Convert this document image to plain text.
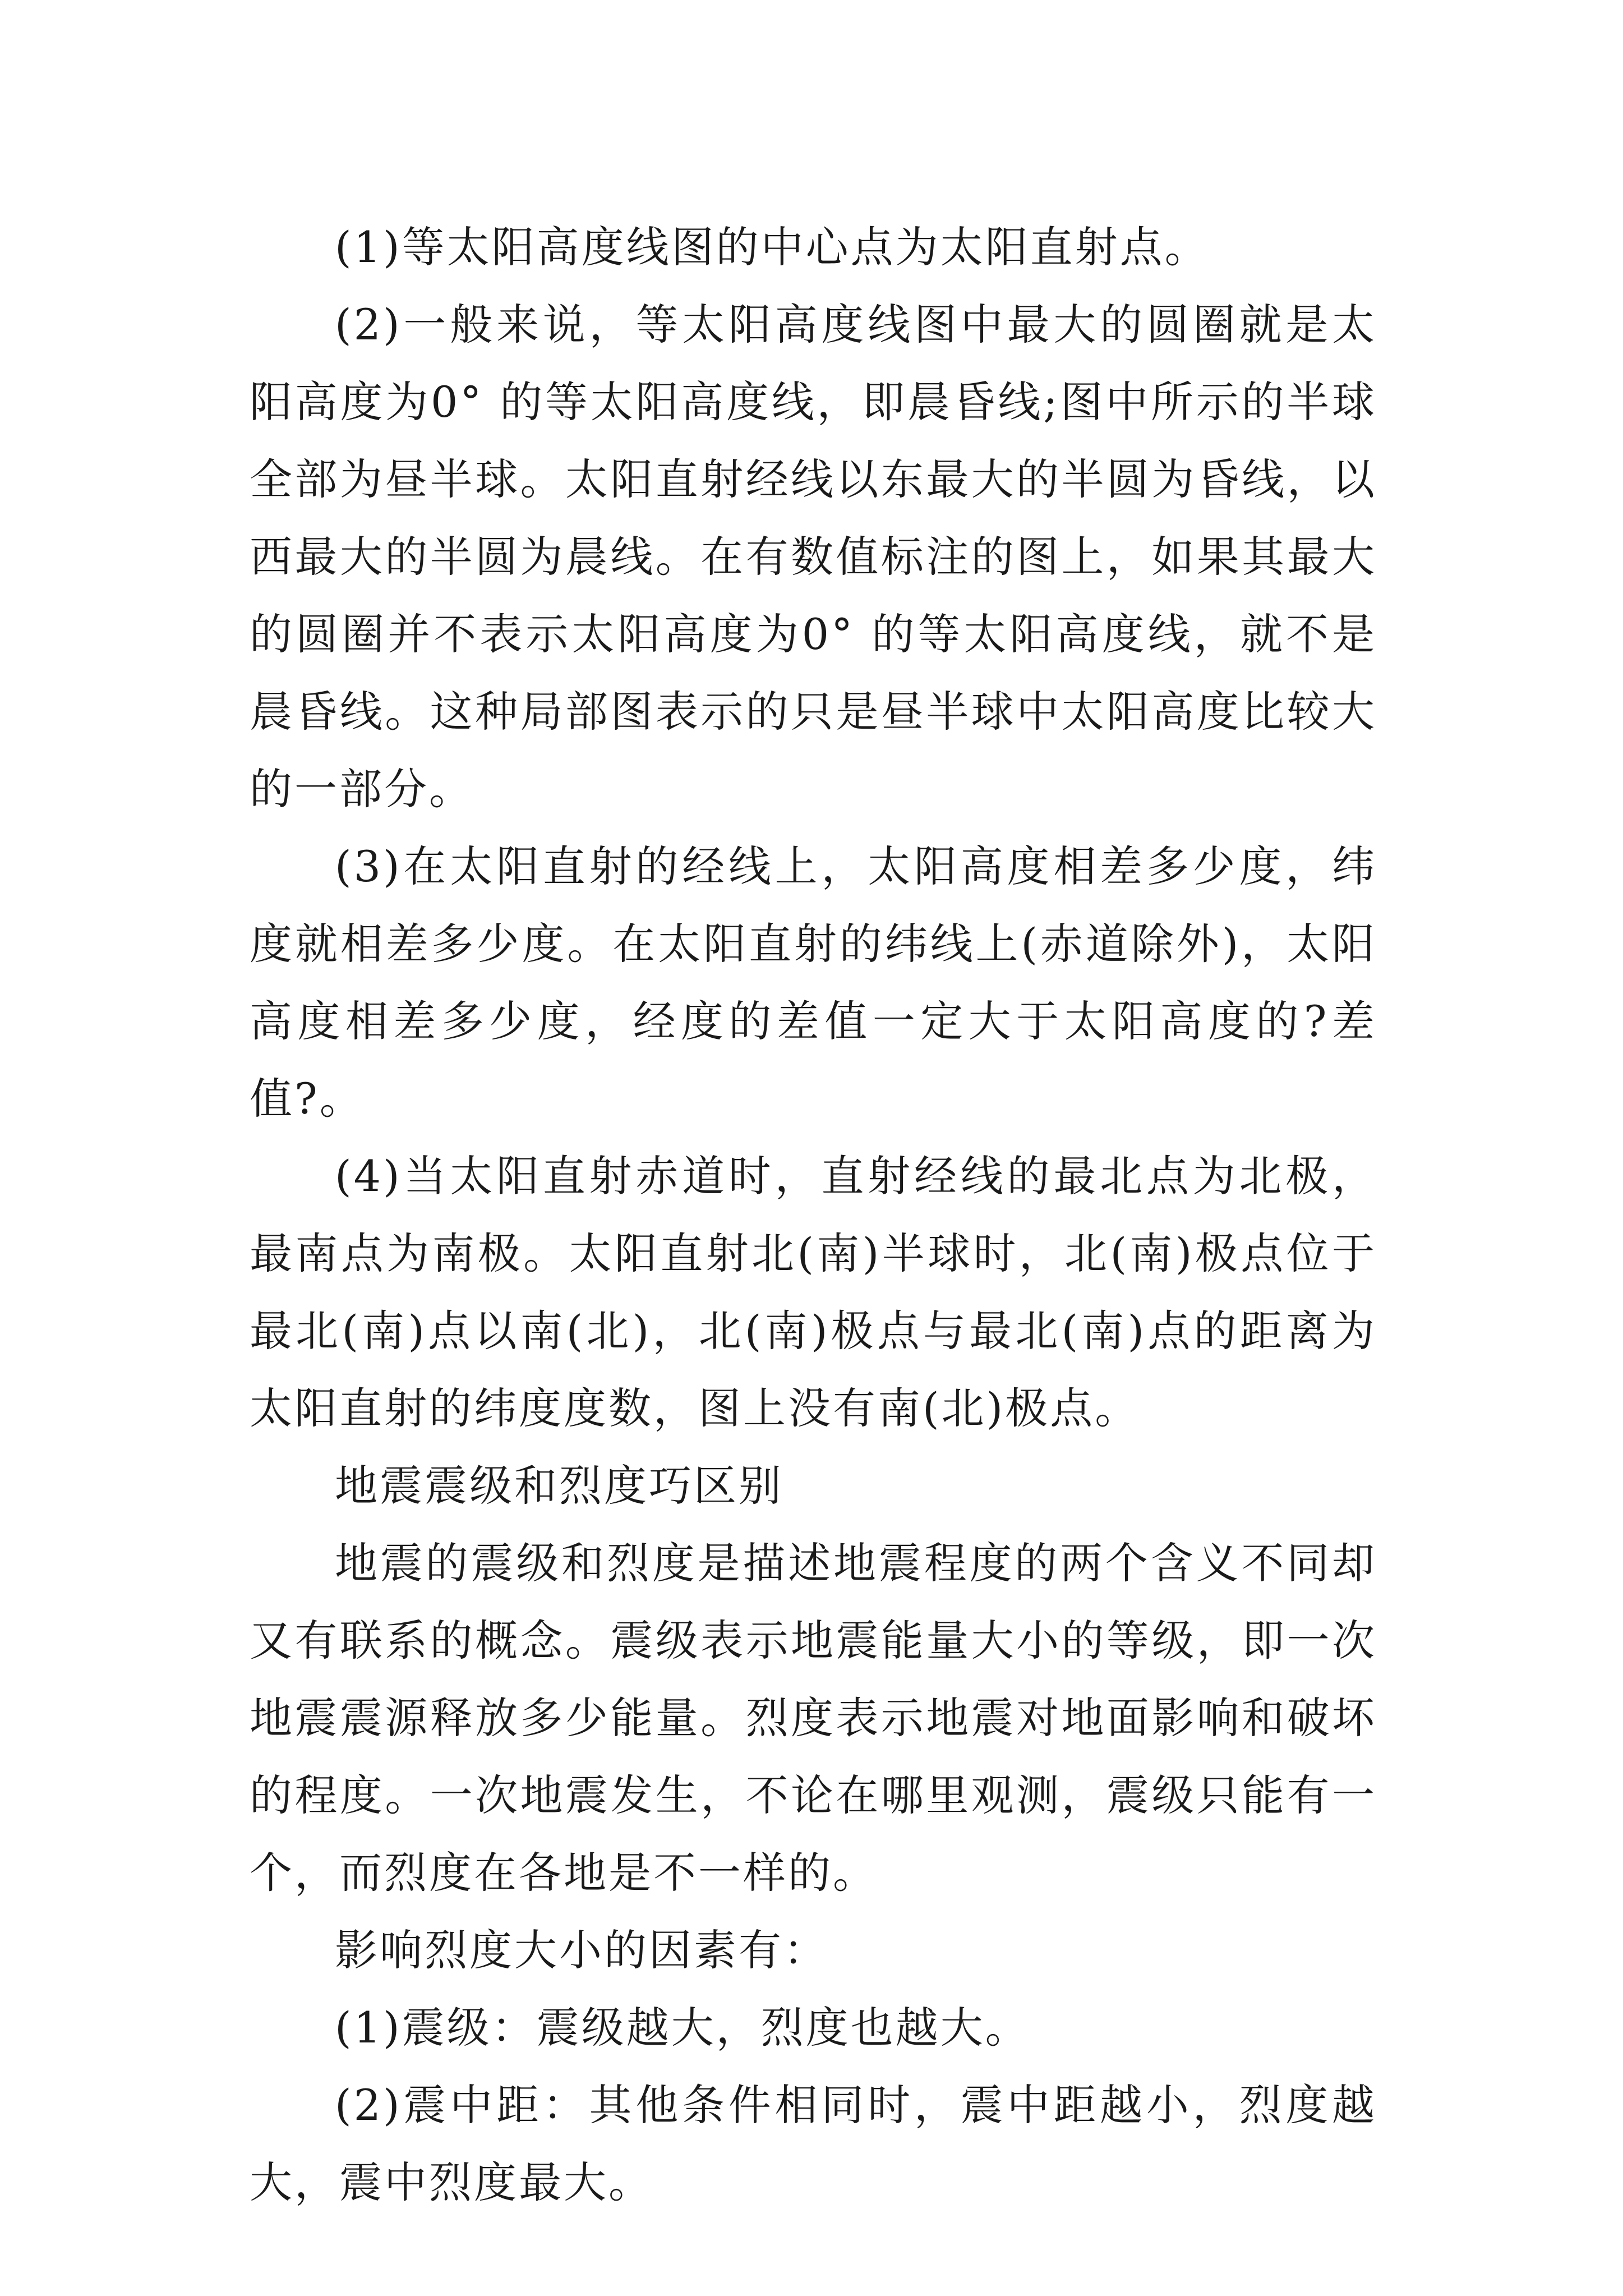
(1)等太阳高度线图的中心点为太阳直射点。

(2)一般来说，等太阳高度线图中最大的圆圈就是太阳高度为0° 的等太阳高度线，即晨昏线;图中所示的半球全部为昼半球。太阳直射经线以东最大的半圆为昏线，以西最大的半圆为晨线。在有数值标注的图上，如果其最大的圆圈并不表示太阳高度为0° 的等太阳高度线，就不是晨昏线。这种局部图表示的只是昼半球中太阳高度比较大的一部分。

(3)在太阳直射的经线上，太阳高度相差多少度，纬度就相差多少度。在太阳直射的纬线上(赤道除外)，太阳高度相差多少度，经度的差值一定大于太阳高度的?差值?。

(4)当太阳直射赤道时，直射经线的最北点为北极，最南点为南极。太阳直射北(南)半球时，北(南)极点位于最北(南)点以南(北)，北(南)极点与最北(南)点的距离为太阳直射的纬度度数，图上没有南(北)极点。

地震震级和烈度巧区别

地震的震级和烈度是描述地震程度的两个含义不同却又有联系的概念。震级表示地震能量大小的等级，即一次地震震源释放多少能量。烈度表示地震对地面影响和破坏的程度。一次地震发生，不论在哪里观测，震级只能有一个，而烈度在各地是不一样的。

影响烈度大小的因素有：

(1)震级：震级越大，烈度也越大。

(2)震中距：其他条件相同时，震中距越小，烈度越大，震中烈度最大。
